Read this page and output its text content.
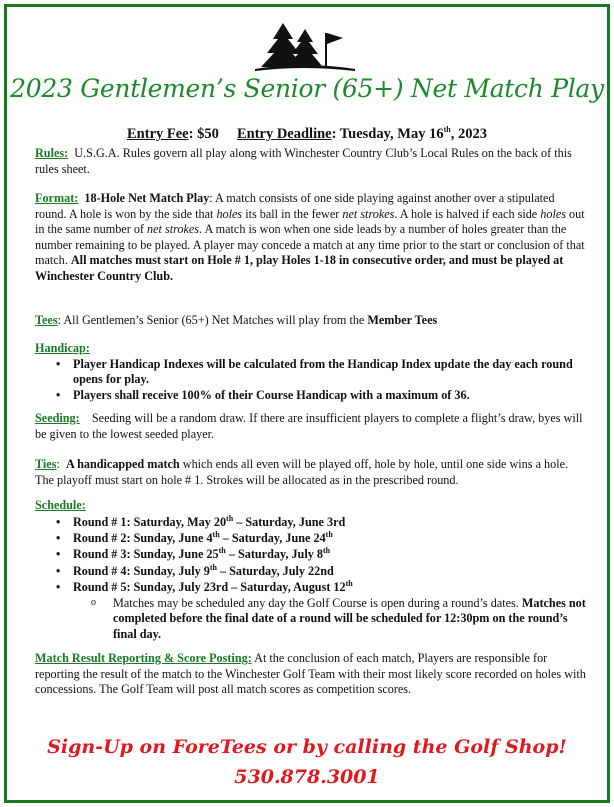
2023 Gentlemen’s Senior (65+) Net Match Play
Entry Fee: $50 Entry Deadline: Tuesday, May 16th, 2023
Rules: U.S.G.A. Rules govern all play along with Winchester Country Club’s Local Rules on the back of this rules sheet.
Format: 18-Hole Net Match Play: A match consists of one side playing against another over a stipulated round. A hole is won by the side that holes its ball in the fewer net strokes. A hole is halved if each side holes out in the same number of net strokes. A match is won when one side leads by a number of holes greater than the number remaining to be played. A player may concede a match at any time prior to the start or conclusion of that match. All matches must start on Hole # 1, play Holes 1-18 in consecutive order, and must be played at Winchester Country Club.
Tees: All Gentlemen’s Senior (65+) Net Matches will play from the Member Tees
Handicap:
• Player Handicap Indexes will be calculated from the Handicap Index update the day each round opens for play.
• Players shall receive 100% of their Course Handicap with a maximum of 36.
Seeding: Seeding will be a random draw. If there are insufficient players to complete a flight’s draw, byes will be given to the lowest seeded player.
Ties:  A handicapped match which ends all even will be played off, hole by hole, until one side wins a hole. The playoff must start on hole # 1. Strokes will be allocated as in the prescribed round.
Schedule:
• Round # 1: Saturday, May 20th – Saturday, June 3rd
• Round # 2: Sunday, June 4th – Saturday, June 24th
• Round # 3: Sunday, June 25th – Saturday, July 8th
• Round # 4: Sunday, July 9th – Saturday, July 22nd
• Round # 5: Sunday, July 23rd – Saturday, August 12th
o Matches may be scheduled any day the Golf Course is open during a round’s dates. Matches not completed before the final date of a round will be scheduled for 12:30pm on the round’s final day.
Match Result Reporting & Score Posting: At the conclusion of each match, Players are responsible for reporting the result of the match to the Winchester Golf Team with their most likely score recorded on holes with concessions. The Golf Team will post all match scores as competition scores.
Sign-Up on ForeTees or by calling the Golf Shop!
530.878.3001
